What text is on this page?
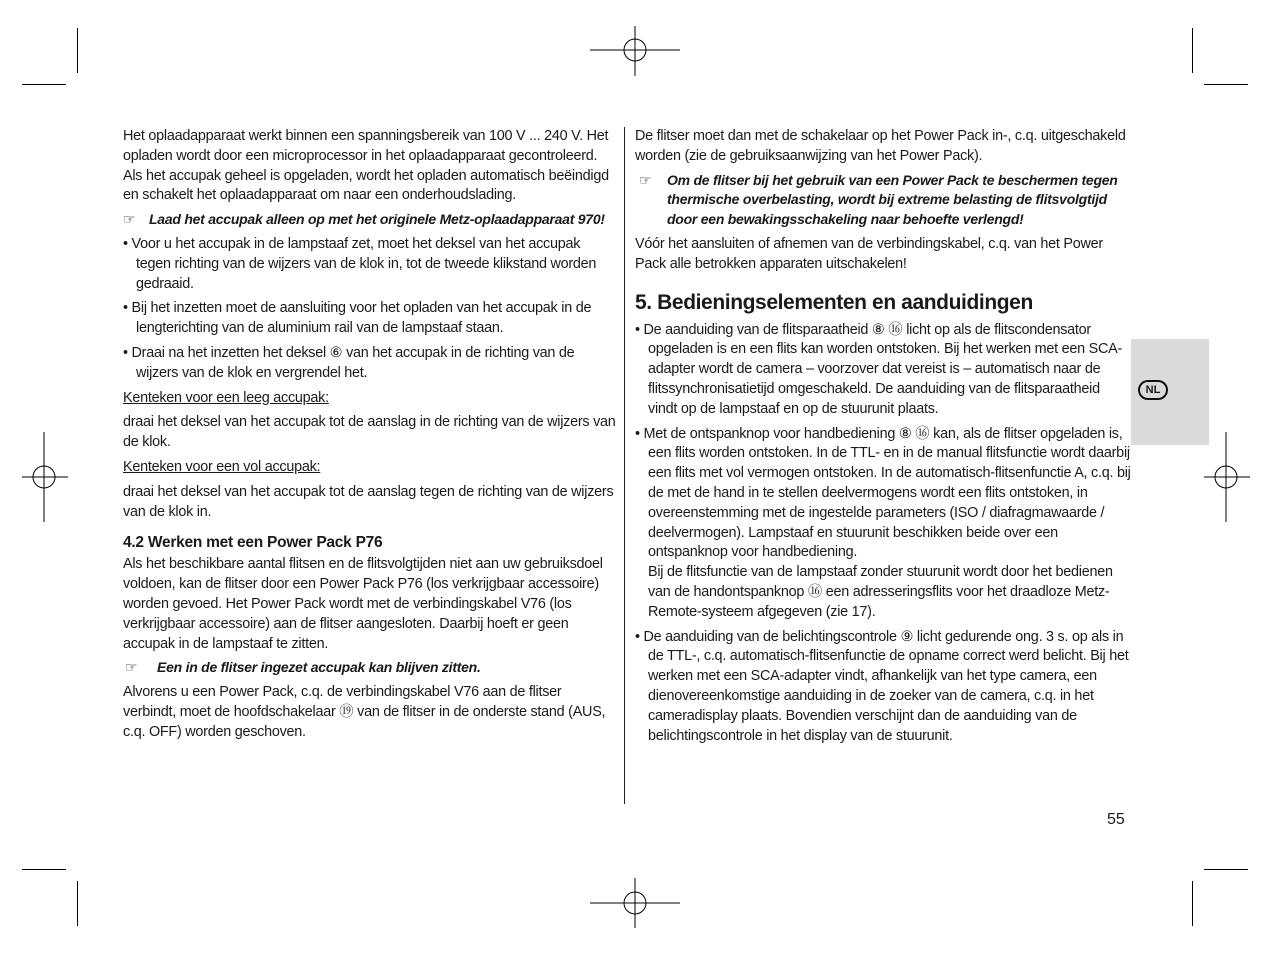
Het oplaadapparaat werkt binnen een spanningsbereik van 100 V ... 240 V. Het opladen wordt door een microprocessor in het oplaadapparaat gecontroleerd. Als het accupak geheel is opgeladen, wordt het opladen automatisch beëindigd en schakelt het oplaadapparaat om naar een onderhoudslading.

☞ Laad het accupak alleen op met het originele Metz-oplaadapparaat 970!

• Voor u het accupak in de lampstaaf zet, moet het deksel van het accupak tegen richting van de wijzers van de klok in, tot de tweede klikstand worden gedraaid.

• Bij het inzetten moet de aansluiting voor het opladen van het accupak in de lengterichting van de aluminium rail van de lampstaaf staan.

• Draai na het inzetten het deksel ⑥ van het accupak in de richting van de wijzers van de klok en vergrendel het.

Kenteken voor een leeg accupak:

draai het deksel van het accupak tot de aanslag in de richting van de wijzers van de klok.

Kenteken voor een vol accupak:

draai het deksel van het accupak tot de aanslag tegen de richting van de wijzers van de klok in.

4.2 Werken met een Power Pack P76

Als het beschikbare aantal flitsen en de flitsvolgtijden niet aan uw gebruiksdoel voldoen, kan de flitser door een Power Pack P76 (los verkrijgbaar accessoire) worden gevoed. Het Power Pack wordt met de verbindingskabel V76 (los verkrijgbaar accessoire) aan de flitser aangesloten. Daarbij hoeft er geen accupak in de lampstaaf te zitten.

☞ Een in de flitser ingezet accupak kan blijven zitten.

Alvorens u een Power Pack, c.q. de verbindingskabel V76 aan de flitser verbindt, moet de hoofdschakelaar ⑲ van de flitser in de onderste stand (AUS, c.q. OFF) worden geschoven.

De flitser moet dan met de schakelaar op het Power Pack in-, c.q. uitgeschakeld worden (zie de gebruiksaanwijzing van het Power Pack).

☞ Om de flitser bij het gebruik van een Power Pack te beschermen tegen thermische overbelasting, wordt bij extreme belasting de flitsvolgtijd door een bewakingsschakeling naar behoefte verlengd!

Vóór het aansluiten of afnemen van de verbindingskabel, c.q. van het Power Pack alle betrokken apparaten uitschakelen!

5. Bedieningselementen en aanduidingen

• De aanduiding van de flitsparaatheid ⑧ ⑯ licht op als de flitscondensator opgeladen is en een flits kan worden ontstoken. Bij het werken met een SCA-adapter wordt de camera – voorzover dat vereist is – automatisch naar de flitssynchronisatietijd omgeschakeld. De aanduiding van de flitsparaatheid vindt op de lampstaaf en op de stuurunit plaats.

• Met de ontspanknop voor handbediening ⑧ ⑯ kan, als de flitser opgeladen is, een flits worden ontstoken. In de TTL- en in de manual flitsfunctie wordt daarbij een flits met vol vermogen ontstoken. In de automatisch-flitsenfunctie A, c.q. bij de met de hand in te stellen deelvermogens wordt een flits ontstoken, in overeenstemming met de ingestelde parameters (ISO / diafragmawaarde / deelvermogen). Lampstaaf en stuurunit beschikken beide over een ontspanknop voor handbediening.
Bij de flitsfunctie van de lampstaaf zonder stuurunit wordt door het bedienen van de handontspanknop ⑯ een adresseringsflits voor het draadloze Metz-Remote-systeem afgegeven (zie 17).

• De aanduiding van de belichtingscontrole ⑨ licht gedurende ong. 3 s. op als in de TTL-, c.q. automatisch-flitsenfunctie de opname correct werd belicht. Bij het werken met een SCA-adapter vindt, afhankelijk van het type camera, een dienovereenkomstige aanduiding in de zoeker van de camera, c.q. in het cameradisplay plaats. Bovendien verschijnt dan de aanduiding van de belichtingscontrole in het display van de stuurunit.

NL
55
